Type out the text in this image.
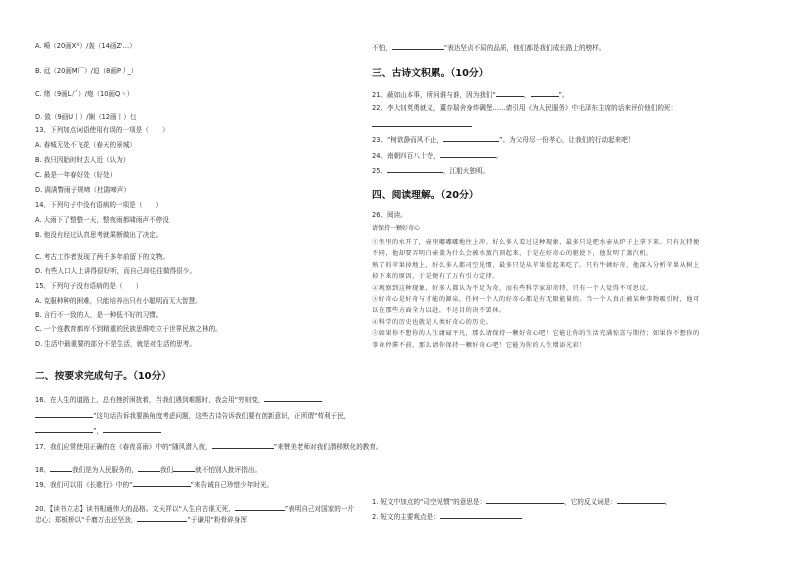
A. 嗬（20画X⁾⁾）/轰（14画Z⁽…）
B. 㒬（20画M厂）/迫（8画P丿_）
C. 绪（9画L⺁）/炮（10画Q⼂）
D. 敛（9画U丨）/娴（12画⼁）乜
13、下列加点词语使用有误的一项是（　　）
A. 春城无处不飞花（春天的景城）
B. 我只因胎时时去人近（认为）
C. 最是一年春好处（好处）
D. 满满瞥雨子规啼（杜鹃啼声）
14、下列句子中没有语病的一项是（　　）
A. 大雨下了整整一天，整夜雨都啸雨声不停没
B. 他没有经过认真思考就果断做出了决定。
C. 考古工作者发现了两千多年前留下的文物。
D. 有些人口人上讲得很好听，而自己却往往做得很少。
15、下列句子没有语病的是（　　）
A. 克服种种的困难，只能培养出只有小聪明而无大智慧。
B. 言行不一致的人，是一种低不好的习惯。
C. 一个连教育都库不到精重的民族思维吃立于世界民族之林的。
D. 生活中最重要的部分不是生活，就是对生活的思考。
二、按要求完成句子。（10分）
16、在人生的道路上，总有挫折困扰着，当我们遇到难题时，我会用“穷则变，
”这句话告诉我要换角度考虑问题，这些古诗告诉我们要有创新意识，正所谓“苟利于民，
”，
17、我们应常使用正确的在《春夜喜雨》中的“随风潜入夜，	”来赞美老师对我们潜移默化的教育。
18、	我们是为人民服务的，	我们	就不怕别人批评指出。
19、我们可以用《长歌行》中的“	”来告诫自己珍惜少年时光。
20、【读书立志】读书相通伟大的品格。文天祥以“人生自古谁无死，	”表明自己对国家的一片忠心；郑板桥以“千磨万击还坚劲，	”于谦用“粉骨碎身浑
不怕，	”表达坚贞不屈的品质，他们都是我们成长路上的榜样。
三、古诗文积累。（10分）
21、蔽如山本事，所问谁与谁，因为我们“	，	”。
22、李大钊英勇就义，董存瑞舍身炸碉堡……请引用《为人民服务》中毛泽东主席的话来评价他们的死：
23、“树欲静而风不止，	”。为父母尽一份孝心，让我们的行动起来吧！
24、南朝四百八十寺，	。
25、	，江船火独明。
四、阅读理解。（20分）
26、阅读。
请保持一颗好奇心

①坐里的水开了，壶里嘟嘟嘟地往上冲。好么多人看过这种现象，最多只是把水壶从炉子上拿下来。只有瓦特便不同，他却要弄明白壶盖为什么会被水蒸汽顶起来，于是在好奇心的驱使下，他发明了蒸汽机。

熟了的苹果掉地上，好么多人都司空见惯，最多只是从苹果捡起来吃了。只有牛顿好奇，他深入分析苹果从树上掉下来的原因，于是便有了万有引力定律。

②观察到这种现象，好多人都认为不足为奇，而有些科学家却奇特、只有一个人觉得不可思议。

③好奇心是好奇与才能的源泉，任何一个人的好奇心都是有无限能量的。当一个人真正被某种事物吸引时，他可以在那些方面全力以赴，不达目的决不罢休。

④科学的历史也就是人类好奇心的历史。

⑤如果你不想你的人生庸碌平凡，那么请保持一颗好奇心吧！它能让你的生活充满惊喜与期待；如果你不想你的事业停滞不前，那么请你保持一颗好奇心吧！它能为你的人生增添光彩！

1. 短文中加点的“司空见惯”的意思是：	，它的反义词是：	。
2. 短文的主要观点是：
